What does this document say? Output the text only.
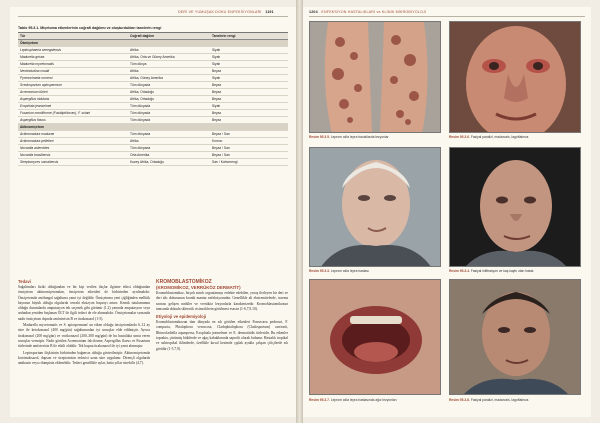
DERİ VE YUMUŞAK DOKU ENFEKSİYONLARI 1191
Tablo 95.3.1. Miçetoma etkenlerinin coğrafi dağılımı ve oluşturdukları tanelerin rengi
Tür	Coğrafi dağılım	Tanelerin rengi
Ökmiçetom
Leptosphaeria senegalensis	Afrika	Siyah
Madurella grisea	Afrika, Orta ve Güney Amerika	Siyah
Madurella mycetomatis	Tüm dünya	Siyah
Neotestudina rosatii	Afrika	Beyaz
Pyrenochaeta romeroi	Afrika, Güney Amerika	Siyah
Scedosporium apiospermum	Tüm dünyada	Beyaz
Acremonium türleri	Afrika, Ortadoğu	Beyaz
Aspergillus nidulans	Afrika, Ortadoğu	Beyaz
Exophiala jeanselmei	Tüm dünyada	Siyah
Fusarium moniliforme (Fusidiphilorum), F. solani	Tüm dünyada	Beyaz
Aspergillus flavus	Tüm dünyada	Beyaz
Aktinomiçetom
Actinomadura madurae	Tüm dünyada	Beyaz / Sarı
Actinomadura pelletieri	Afrika	Kırmızı
Nocardia asteroides	Tüm dünyada	Beyaz / Sarı
Nocardia brasiliensis	Orta Amerika	Beyaz / Sarı
Streptomyces somaliensis	Kuzey Afrika, Ortadoğu	Sarı / Kahverengi
Tedavi

Sağaltımları fiziki olduğundan ve bir kişi verilen ilaçlar ilgisine etkisi olduğundan önsiçetom aktinomiçetomdan, önsiçetom etkenleri de birbirinden ayrılmalıdır. Önsiçetomda antifungal sağaltıma yanıt iyi değildir. Önsiçetoma yeni çiğliğinden mellitik bayrasın büyük olduğu olgularda cerrahi eksizyon başarıyı artırır. Kemik tutulumunun olduğu durumlarda amputasyon tek seçenek gibi görünür (1,2) yanında amputasyon veya ardından yeniden başlanan ÖLT ile ilgili tedavi de ele alınmalıdır. Önsiçetomalar sırasında nadir önsiçetom dışında amfoterisin B ve itrakonazol (1-5).

Madurella mycetomatis ve S. apiospermum' un etken olduğu önsiçetomlarda 6–12 ay süre ile ketokonazol (400 mg/gün) sağaltımından iyi sonuçlar elde edilmiştir. Ayrıca itrakonazol (200 mg/gün) ve vorikonazol (200–300 mg/gün) de bu hastalıkta umut veren sonuçlar vermiştir. Nadir görülen Acremonium falciforme, Aspergillus flavus ve Fusarium türlerinde amfoterisin B ile etkili olabilir. Tek başına itrakonazol ile iyi yanıt alınmıştır.

Leptosporium ilişkisinin birbirinden bağımsız olduğu gösterilmiştir. Aktinomiçetomda kotrimoksazol, dapson ve streptomisin tedavisi uzun süre uygulanır. Dirençli olgularda amikasin veya rifampisin eklenebilir. Tedavi genellikle aylar, hatta yıllar sürebilir (4,7).

KROMOBLASTOMİKOZ
(KROMOMİKOZ, VERRÜKÖZ DERMATİT)

Kromoblastomikoz, birçok sınırlı organizmayı enfekte edebilen, yavaş ilerleyen bir deri ve deri altı dokusunun kronik mantar enfeksiyonudur. Genellikle alt ekstremitelerde, travma sonrası gelişen nodüler ve verrüköz lezyonlarla karakterizedir. Kromoblastomikozun tanısında dokuda sklerotik cisimciklerin görülmesi esastır (1-6,7,9,10).

Etiyoloji ve epidemiyoloji

Kromoblastomikozun tüm dünyada en sık görülen etkenleri Fonsecaea pedrosoi, F. compacta, Phialophora verrucosa, Cladophialophora (Cladosporium) carrionii, Rhinocladiella aquaspersa, Exophiala jeanselmei ve E. dermatitidis türleridir. Bu etkenler toprakta, çürümüş bitkilerde ve ağaç kabuklarında saprofit olarak bulunur. Hastalık tropikal ve subtropikal iklimlerde, özellikle kırsal kesimde çıplak ayakla çalışan çiftçilerde sık görülür (1-5,7,9).

1204 ENFEKSİYON HASTALIKLARI ve KLİNİK MİKROBİYOLOJİ
Resim 95.3.5. Leprom atöz lepra bacaklarda lezyonlar	Resim 95.3.6. Fasiyal paralizi, madarozis, lagoftalmus
Resim 95.3.3. Leprom atöz lepra hastası	Resim 95.3.4. Fasiyal infiltrasyon ve kaş kaybı olan hasta
Resim 95.3.7. Leprom atöz lepra hastasında ağız lezyonları	Resim 95.3.8. Fasiyal paralizi, madarozis, lagoftalmus
